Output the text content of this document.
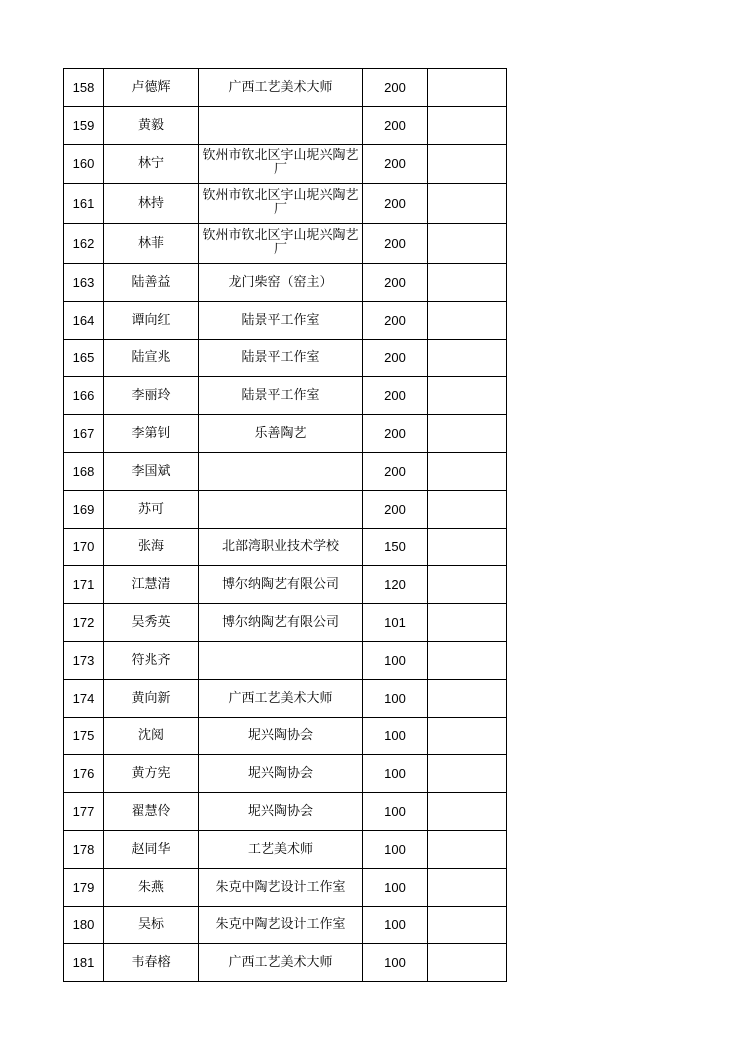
158	卢德辉	广西工艺美术大师	200	
159	黄毅		200	
160	林宁	钦州市钦北区宇山坭兴陶艺厂	200	
161	林持	钦州市钦北区宇山坭兴陶艺厂	200	
162	林菲	钦州市钦北区宇山坭兴陶艺厂	200	
163	陆善益	龙门柴窑（窑主）	200	
164	谭向红	陆景平工作室	200	
165	陆宣兆	陆景平工作室	200	
166	李丽玲	陆景平工作室	200	
167	李第钊	乐善陶艺	200	
168	李国斌		200	
169	苏可		200	
170	张海	北部湾职业技术学校	150	
171	江慧清	博尔纳陶艺有限公司	120	
172	吴秀英	博尔纳陶艺有限公司	101	
173	符兆齐		100	
174	黄向新	广西工艺美术大师	100	
175	沈阅	坭兴陶协会	100	
176	黄方宪	坭兴陶协会	100	
177	翟慧伶	坭兴陶协会	100	
178	赵同华	工艺美术师	100	
179	朱燕	朱克中陶艺设计工作室	100	
180	吴标	朱克中陶艺设计工作室	100	
181	韦春榕	广西工艺美术大师	100	
